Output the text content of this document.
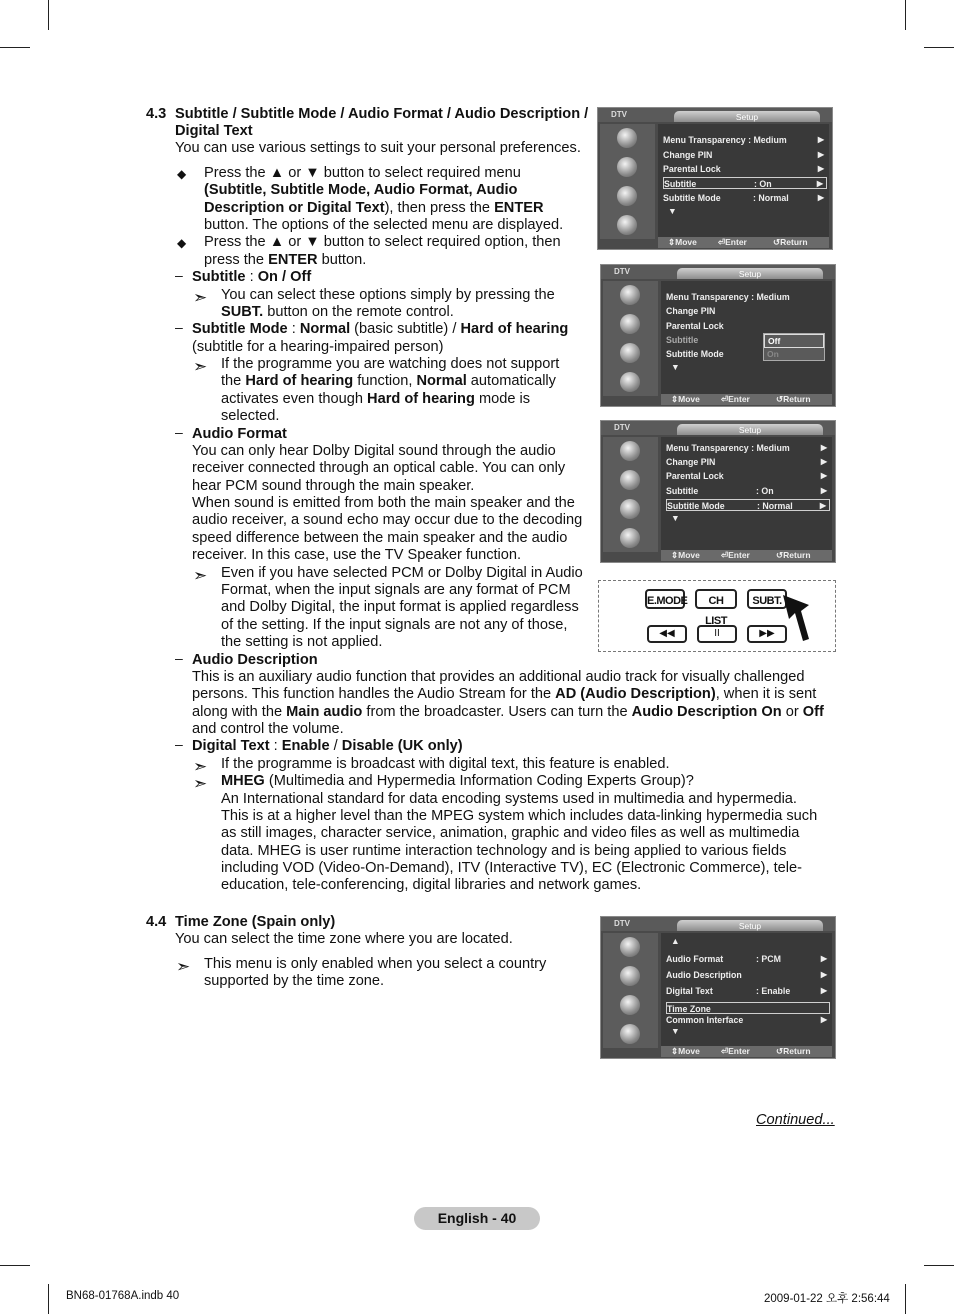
4.3 Subtitle / Subtitle Mode / Audio Format / Audio Description /
Digital Text
You can use various settings to suit your personal preferences.
◆ Press the ▲ or ▼ button to select required menu
(Subtitle, Subtitle Mode, Audio Format, Audio
Description or Digital Text), then press the ENTER
button. The options of the selected menu are displayed.
◆ Press the ▲ or ▼ button to select required option, then
press the ENTER button.
– Subtitle : On / Off
➣ You can select these options simply by pressing the
SUBT. button on the remote control.
– Subtitle Mode : Normal (basic subtitle) / Hard of hearing
(subtitle for a hearing-impaired person)
➣ If the programme you are watching does not support
the Hard of hearing function, Normal automatically
activates even though Hard of hearing mode is
selected.
– Audio Format
You can only hear Dolby Digital sound through the audio
receiver connected through an optical cable. You can only
hear PCM sound through the main speaker.
When sound is emitted from both the main speaker and the
audio receiver, a sound echo may occur due to the decoding
speed difference between the main speaker and the audio
receiver. In this case, use the TV Speaker function.
➣ Even if you have selected PCM or Dolby Digital in Audio
Format, when the input signals are any format of PCM
and Dolby Digital, the input format is applied regardless
of the setting. If the input signals are not any of those,
the setting is not applied.
– Audio Description
This is an auxiliary audio function that provides an additional audio track for visually challenged
persons. This function handles the Audio Stream for the AD (Audio Description), when it is sent
along with the Main audio from the broadcaster. Users can turn the Audio Description On or Off
and control the volume.
– Digital Text : Enable / Disable (UK only)
➣ If the programme is broadcast with digital text, this feature is enabled.
➣ MHEG (Multimedia and Hypermedia Information Coding Experts Group)?
An International standard for data encoding systems used in multimedia and hypermedia.
This is at a higher level than the MPEG system which includes data-linking hypermedia such
as still images, character service, animation, graphic and video files as well as multimedia
data. MHEG is user runtime interaction technology and is being applied to various fields
including VOD (Video-On-Demand), ITV (Interactive TV), EC (Electronic Commerce), tele-
education, tele-conferencing, digital libraries and network games.
4.4 Time Zone (Spain only)
You can select the time zone where you are located.
➣ This menu is only enabled when you select a country
supported by the time zone.
DTV	Setup
Menu Transparency : Medium	▶
Change PIN	▶
Parental Lock	▶
Subtitle	: On	▶
Subtitle Mode	: Normal	▶
▼
⇕ Move ⏎ Enter	↺ Return
DTV	Setup
Menu Transparency : Medium
Change PIN
Parental Lock
Subtitle
Subtitle Mode
Off
On
▼
⇕ Move ⏎ Enter	↺ Return
DTV	Setup
Menu Transparency : Medium	▶
Change PIN	▶
Parental Lock	▶
Subtitle	: On	▶
Subtitle Mode	: Normal	▶
▼
⇕ Move ⏎ Enter	↺ Return
E.MODE	CH LIST
SUBT.
◀◀	II	▶▶
DTV	Setup
▲
Audio Format	: PCM	▶
Audio Description	▶
Digital Text	: Enable	▶
Time Zone
Common Interface	▶
▼
⇕ Move ⏎ Enter	↺ Return
Continued...
English - 40
BN68-01768A.indb 40	2009-01-22 오후 2:56:44
